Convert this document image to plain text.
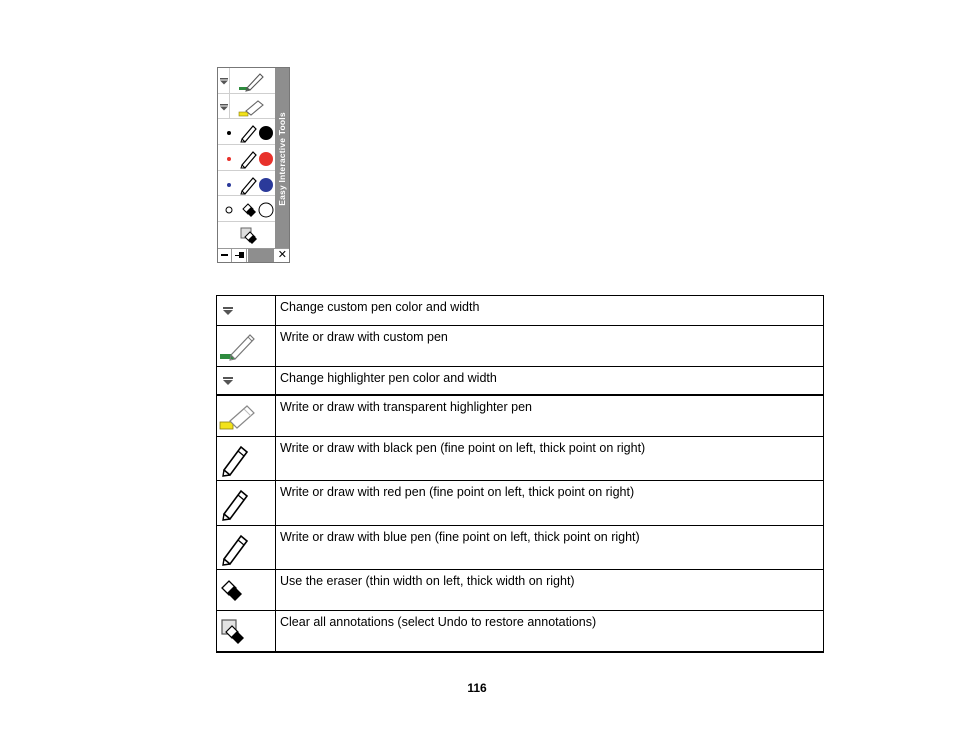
Easy Interactive Tools
✕
	Change custom pen color and width

	Write or draw with custom pen

	Change highlighter pen color and width

	Write or draw with transparent highlighter pen

	Write or draw with black pen (fine point on left, thick point on right)

	Write or draw with red pen (fine point on left, thick point on right)

	Write or draw with blue pen (fine point on left, thick point on right)

	Use the eraser (thin width on left, thick width on right)

	Clear all annotations (select Undo to restore annotations)
116
